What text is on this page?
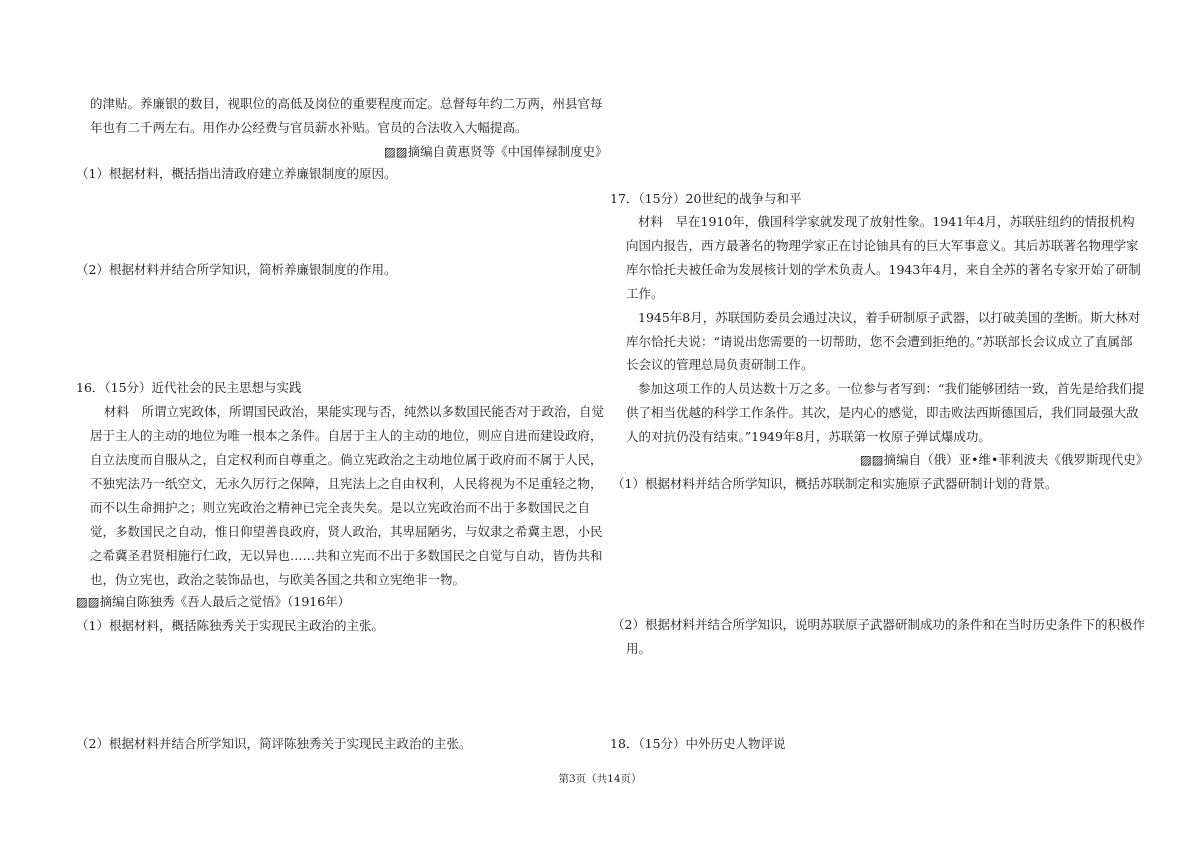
的津贴。养廉银的数目，视职位的高低及岗位的重要程度而定。总督每年约二万两，州县官每

年也有二千两左右。用作办公经费与官员薪水补贴。官员的合法收入大幅提高。

▨▨摘编自黄惠贤等《中国俸禄制度史》

（1）根据材料，概括指出清政府建立养廉银制度的原因。

（2）根据材料并结合所学知识，简析养廉银制度的作用。

16．（15分）近代社会的民主思想与实践

材料　所谓立宪政体，所谓国民政治，果能实现与否，纯然以多数国民能否对于政治，自觉

居于主人的主动的地位为唯一根本之条件。自居于主人的主动的地位，则应自进而建设政府，

自立法度而自服从之，自定权利而自尊重之。倘立宪政治之主动地位属于政府而不属于人民，

不独宪法乃一纸空文，无永久厉行之保障，且宪法上之自由权利，人民将视为不足重轻之物，

而不以生命拥护之；则立宪政治之精神已完全丧失矣。是以立宪政治而不出于多数国民之自

觉，多数国民之自动，惟日仰望善良政府，贤人政治，其卑屈陋劣，与奴隶之希冀主恩，小民

之希冀圣君贤相施行仁政，无以异也……共和立宪而不出于多数国民之自觉与自动，皆伪共和

也，伪立宪也，政治之装饰品也，与欧美各国之共和立宪绝非一物。

▨▨摘编自陈独秀《吾人最后之觉悟》（1916年）

（1）根据材料，概括陈独秀关于实现民主政治的主张。

（2）根据材料并结合所学知识，简评陈独秀关于实现民主政治的主张。

17．（15分）20世纪的战争与和平

材料　早在1910年，俄国科学家就发现了放射性象。1941年4月，苏联驻纽约的情报机构

向国内报告，西方最著名的物理学家正在讨论铀具有的巨大军事意义。其后苏联著名物理学家

库尔恰托夫被任命为发展核计划的学术负责人。1943年4月，来自全苏的著名专家开始了研制

工作。

1945年8月，苏联国防委员会通过决议，着手研制原子武器，以打破美国的垄断。斯大林对

库尔恰托夫说：“请说出您需要的一切帮助，您不会遭到拒绝的。”苏联部长会议成立了直属部

长会议的管理总局负责研制工作。

参加这项工作的人员达数十万之多。一位参与者写到：“我们能够团结一致，首先是给我们提

供了相当优越的科学工作条件。其次，是内心的感觉，即击败法西斯德国后，我们同最强大敌

人的对抗仍没有结束。”1949年8月，苏联第一枚原子弹试爆成功。

▨▨摘编自（俄）亚•维•菲利波夫《俄罗斯现代史》

（1）根据材料并结合所学知识，概括苏联制定和实施原子武器研制计划的背景。

（2）根据材料并结合所学知识，说明苏联原子武器研制成功的条件和在当时历史条件下的积极作

用。

18．（15分）中外历史人物评说

第3页（共14页）
